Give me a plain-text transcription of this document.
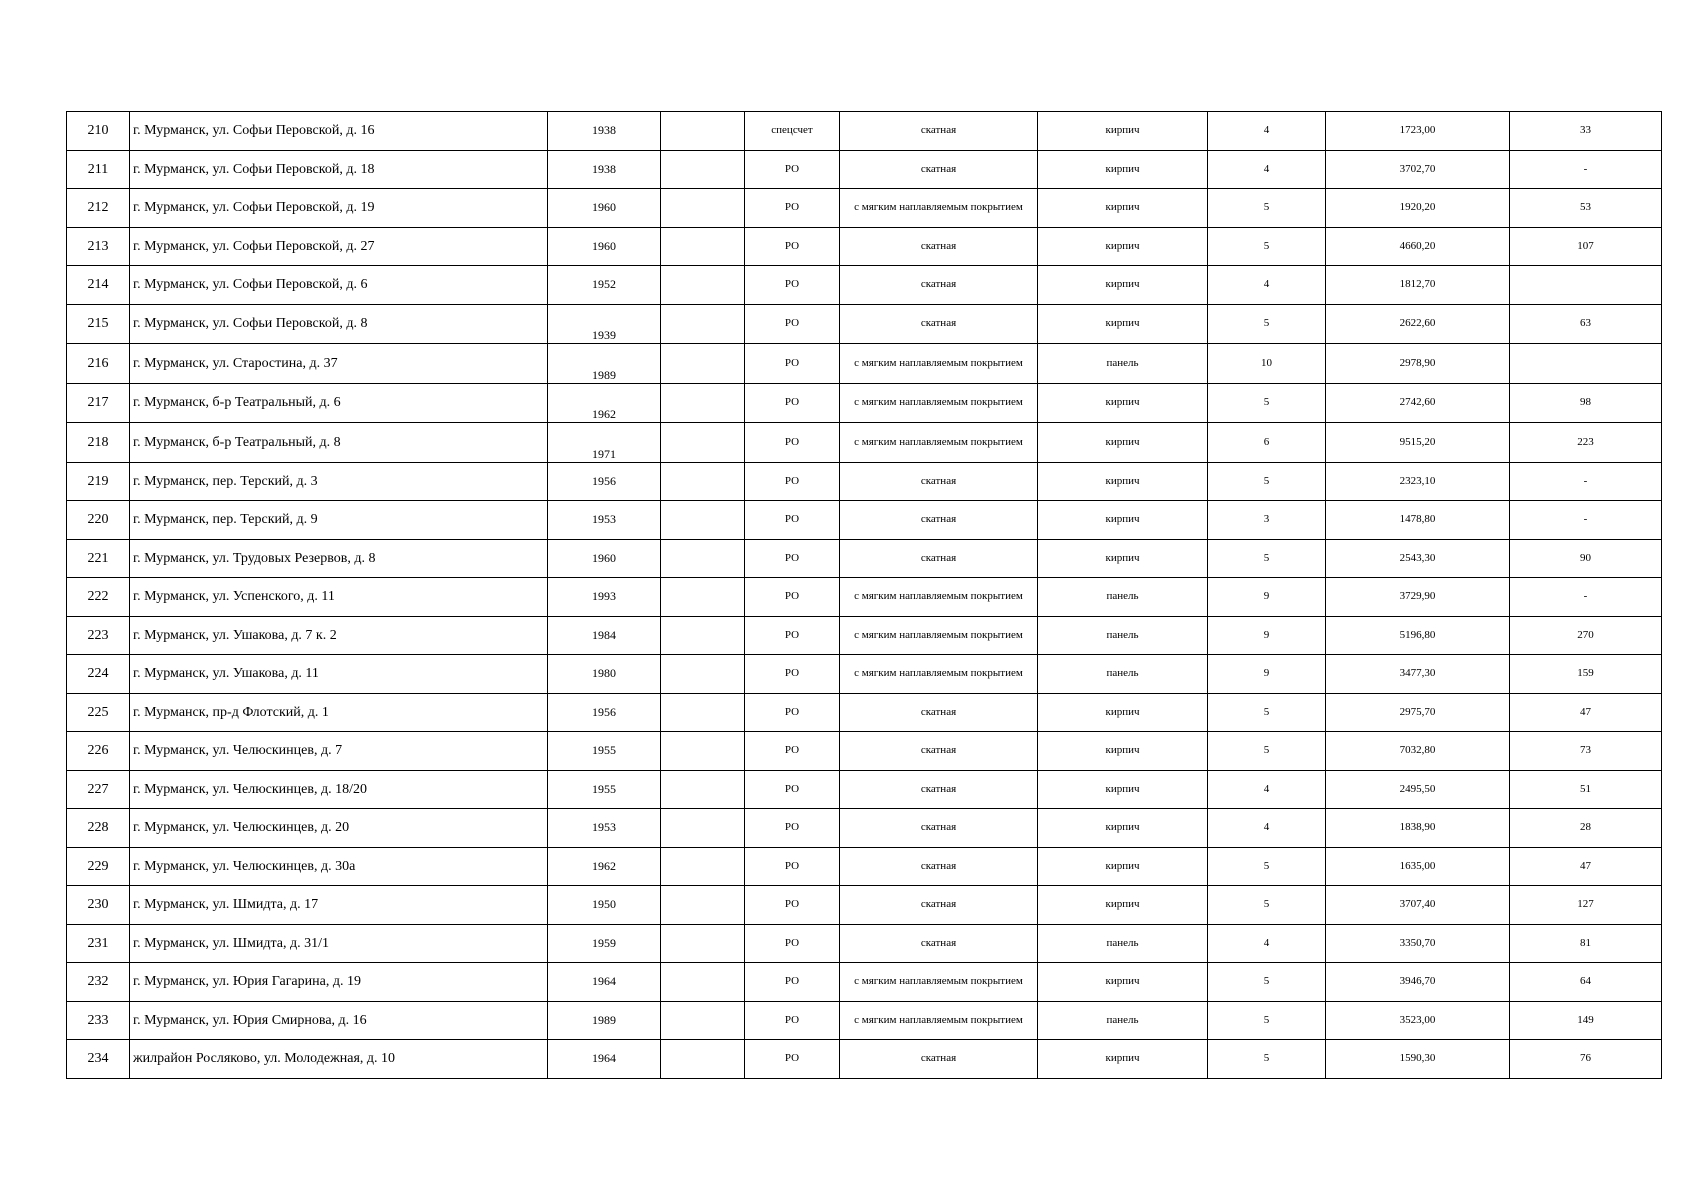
210	г. Мурманск, ул. Софьи Перовской, д. 16	1938		спецсчет	скатная	кирпич	4	1723,00	33
211	г. Мурманск, ул. Софьи Перовской, д. 18	1938		РО	скатная	кирпич	4	3702,70	-
212	г. Мурманск, ул. Софьи Перовской, д. 19	1960		РО	с мягким наплавляемым покрытием	кирпич	5	1920,20	53
213	г. Мурманск, ул. Софьи Перовской, д. 27	1960		РО	скатная	кирпич	5	4660,20	107
214	г. Мурманск, ул. Софьи Перовской, д. 6	1952		РО	скатная	кирпич	4	1812,70	
215	г. Мурманск, ул. Софьи Перовской, д. 8	1939		РО	скатная	кирпич	5	2622,60	63
216	г. Мурманск, ул. Старостина, д. 37	1989		РО	с мягким наплавляемым покрытием	панель	10	2978,90	
217	г. Мурманск, б-р Театральный, д. 6	1962		РО	с мягким наплавляемым покрытием	кирпич	5	2742,60	98
218	г. Мурманск, б-р Театральный, д. 8	1971		РО	с мягким наплавляемым покрытием	кирпич	6	9515,20	223
219	г. Мурманск, пер. Терский, д. 3	1956		РО	скатная	кирпич	5	2323,10	-
220	г. Мурманск, пер. Терский, д. 9	1953		РО	скатная	кирпич	3	1478,80	-
221	г. Мурманск, ул. Трудовых Резервов, д. 8	1960		РО	скатная	кирпич	5	2543,30	90
222	г. Мурманск, ул. Успенского, д. 11	1993		РО	с мягким наплавляемым покрытием	панель	9	3729,90	-
223	г. Мурманск, ул. Ушакова, д. 7 к. 2	1984		РО	с мягким наплавляемым покрытием	панель	9	5196,80	270
224	г. Мурманск, ул. Ушакова, д. 11	1980		РО	с мягким наплавляемым покрытием	панель	9	3477,30	159
225	г. Мурманск, пр-д Флотский, д. 1	1956		РО	скатная	кирпич	5	2975,70	47
226	г. Мурманск, ул. Челюскинцев, д. 7	1955		РО	скатная	кирпич	5	7032,80	73
227	г. Мурманск, ул. Челюскинцев, д. 18/20	1955		РО	скатная	кирпич	4	2495,50	51
228	г. Мурманск, ул. Челюскинцев, д. 20	1953		РО	скатная	кирпич	4	1838,90	28
229	г. Мурманск, ул. Челюскинцев, д. 30а	1962		РО	скатная	кирпич	5	1635,00	47
230	г. Мурманск, ул. Шмидта, д. 17	1950		РО	скатная	кирпич	5	3707,40	127
231	г. Мурманск, ул. Шмидта, д. 31/1	1959		РО	скатная	панель	4	3350,70	81
232	г. Мурманск, ул. Юрия Гагарина, д. 19	1964		РО	с мягким наплавляемым покрытием	кирпич	5	3946,70	64
233	г. Мурманск, ул. Юрия Смирнова, д. 16	1989		РО	с мягким наплавляемым покрытием	панель	5	3523,00	149
234	жилрайон Росляково, ул. Молодежная, д. 10	1964		РО	скатная	кирпич	5	1590,30	76
